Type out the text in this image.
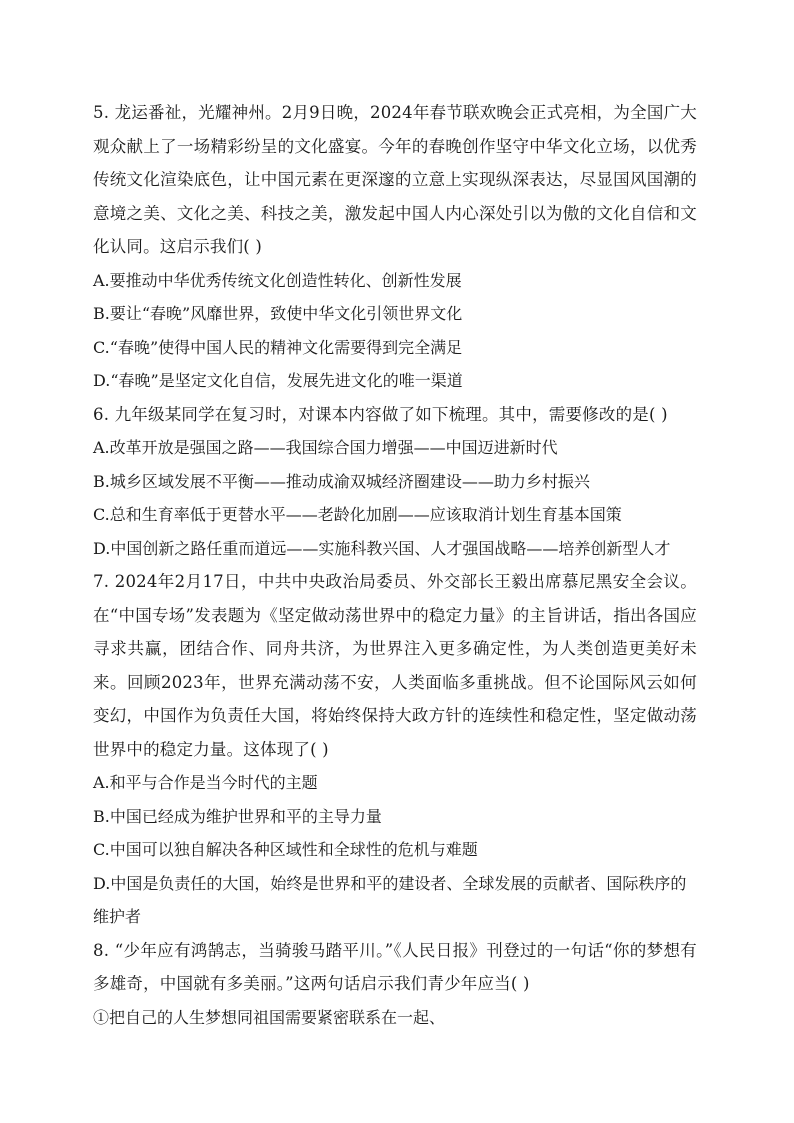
5. 龙运番祉，光耀神州。2月9日晚，2024年春节联欢晚会正式亮相，为全国广大观众献上了一场精彩纷呈的文化盛宴。今年的春晚创作坚守中华文化立场，以优秀传统文化渲染底色，让中国元素在更深邃的立意上实现纵深表达，尽显国风国潮的意境之美、文化之美、科技之美，激发起中国人内心深处引以为傲的文化自信和文化认同。这启示我们( )

A.要推动中华优秀传统文化创造性转化、创新性发展

B.要让“春晚”风靡世界，致使中华文化引领世界文化

C.“春晚”使得中国人民的精神文化需要得到完全满足

D.“春晚”是坚定文化自信，发展先进文化的唯一渠道

6. 九年级某同学在复习时，对课本内容做了如下梳理。其中，需要修改的是( )

A.改革开放是强国之路——我国综合国力增强——中国迈进新时代

B.城乡区域发展不平衡——推动成渝双城经济圈建设——助力乡村振兴

C.总和生育率低于更替水平——老龄化加剧——应该取消计划生育基本国策

D.中国创新之路任重而道远——实施科教兴国、人才强国战略——培养创新型人才

7. 2024年2月17日，中共中央政治局委员、外交部长王毅出席慕尼黑安全会议。在“中国专场”发表题为《坚定做动荡世界中的稳定力量》的主旨讲话，指出各国应寻求共赢，团结合作、同舟共济，为世界注入更多确定性，为人类创造更美好未来。回顾2023年，世界充满动荡不安，人类面临多重挑战。但不论国际风云如何变幻，中国作为负责任大国，将始终保持大政方针的连续性和稳定性，坚定做动荡世界中的稳定力量。这体现了( )

A.和平与合作是当今时代的主题

B.中国已经成为维护世界和平的主导力量

C.中国可以独自解决各种区域性和全球性的危机与难题

D.中国是负责任的大国，始终是世界和平的建设者、全球发展的贡献者、国际秩序的维护者

8. “少年应有鸿鹄志，当骑骏马踏平川。”《人民日报》刊登过的一句话“你的梦想有多雄奇，中国就有多美丽。”这两句话启示我们青少年应当( )

①把自己的人生梦想同祖国需要紧密联系在一起、
